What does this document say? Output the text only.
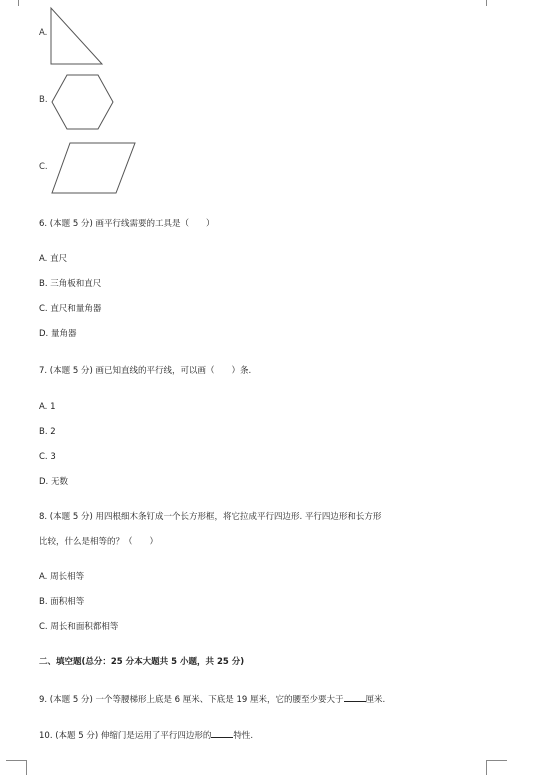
A.
B.
C.
6. (本题 5 分) 画平行线需要的工具是（　　）
A. 直尺
B. 三角板和直尺
C. 直尺和量角器
D. 量角器
7. (本题 5 分) 画已知直线的平行线，可以画（　　）条.
A. 1
B. 2
C. 3
D. 无数
8. (本题 5 分) 用四根细木条钉成一个长方形框，将它拉成平行四边形. 平行四边形和长方形
比较，什么是相等的？（　　）
A. 周长相等
B. 面积相等
C. 周长和面积都相等
二、填空题(总分：25 分本大题共 5 小题，共 25 分)
9. (本题 5 分) 一个等腰梯形上底是 6 厘米、下底是 19 厘米，它的腰至少要大于	厘米.
10. (本题 5 分) 伸缩门是运用了平行四边形的	特性.
